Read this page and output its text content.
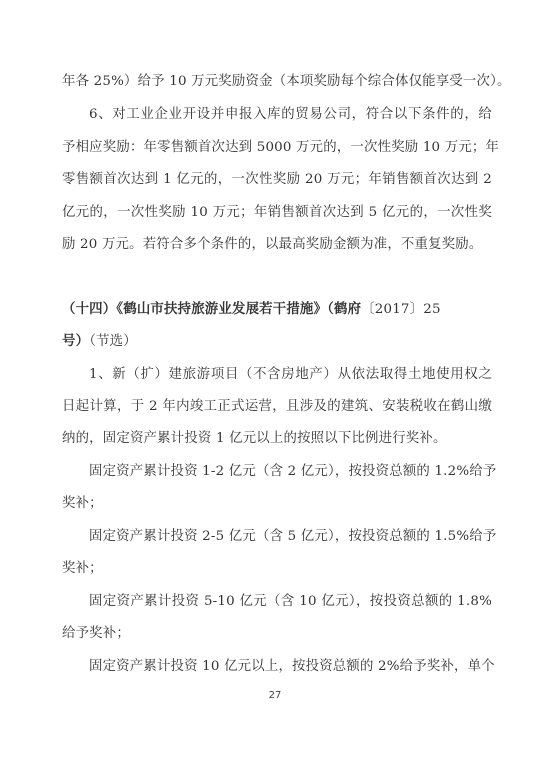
年各 25%）给予 10 万元奖励资金（本项奖励每个综合体仅能享受一次）。
6、对工业企业开设并申报入库的贸易公司，符合以下条件的，给
予相应奖励：年零售额首次达到 5000 万元的，一次性奖励 10 万元；年
零售额首次达到 1 亿元的，一次性奖励 20 万元；年销售额首次达到 2
亿元的，一次性奖励 10 万元；年销售额首次达到 5 亿元的，一次性奖
励 20 万元。若符合多个条件的，以最高奖励金额为准，不重复奖励。
（十四）《鹤山市扶持旅游业发展若干措施》（鹤府〔2017〕25
号）（节选）
1、新（扩）建旅游项目（不含房地产）从依法取得土地使用权之
日起计算，于 2 年内竣工正式运营，且涉及的建筑、安装税收在鹤山缴
纳的，固定资产累计投资 1 亿元以上的按照以下比例进行奖补。
固定资产累计投资 1-2 亿元（含 2 亿元），按投资总额的 1.2%给予
奖补；
固定资产累计投资 2-5 亿元（含 5 亿元），按投资总额的 1.5%给予
奖补；
固定资产累计投资 5-10 亿元（含 10 亿元），按投资总额的 1.8%
给予奖补；
固定资产累计投资 10 亿元以上，按投资总额的 2%给予奖补，单个
27
